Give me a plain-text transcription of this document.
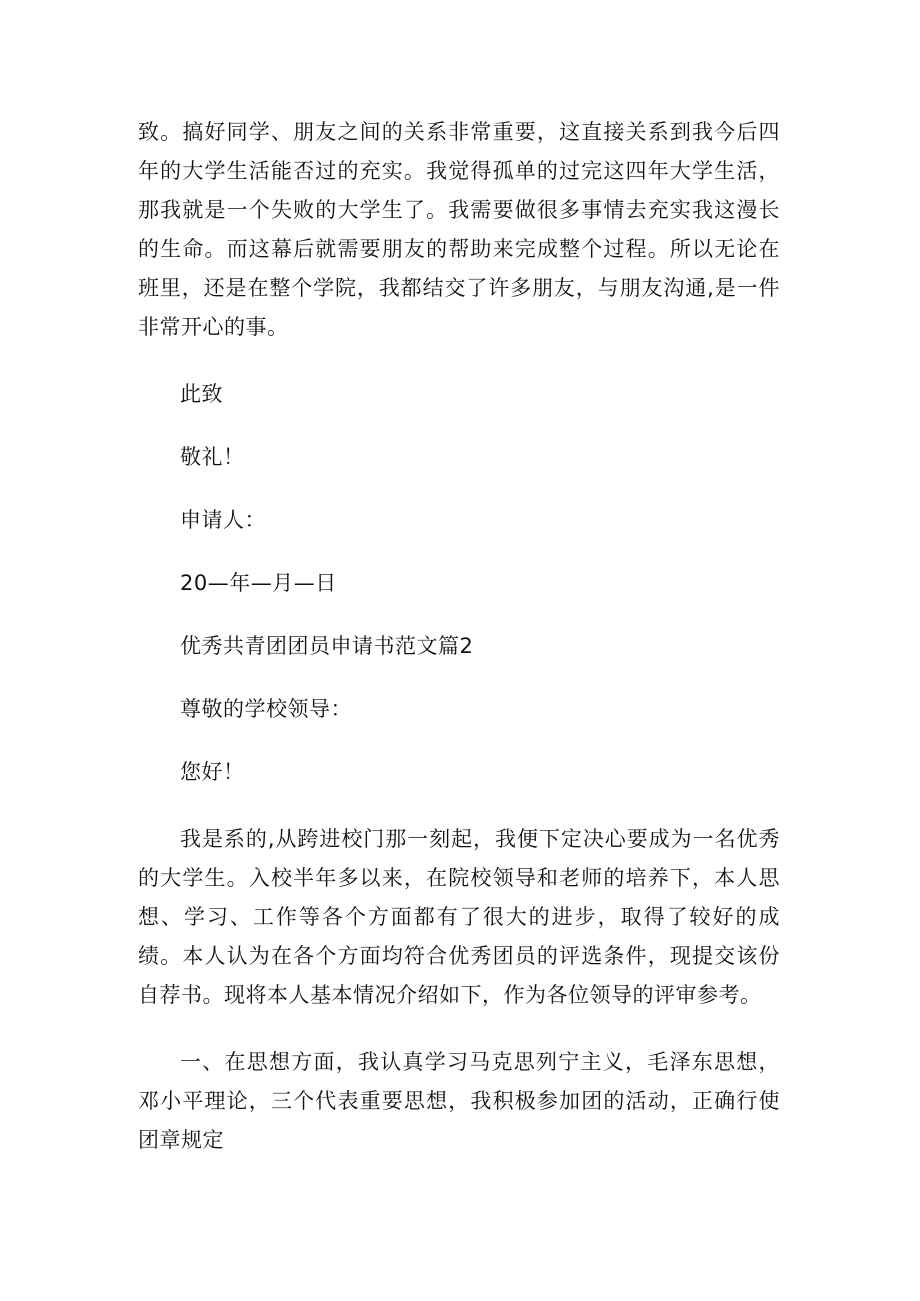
致。搞好同学、朋友之间的关系非常重要，这直接关系到我今后四年的大学生活能否过的充实。我觉得孤单的过完这四年大学生活，那我就是一个失败的大学生了。我需要做很多事情去充实我这漫长的生命。而这幕后就需要朋友的帮助来完成整个过程。所以无论在班里，还是在整个学院，我都结交了许多朋友，与朋友沟通,是一件非常开心的事。

此致

敬礼！

申请人：

20—年—月—日

优秀共青团团员申请书范文篇2

尊敬的学校领导：

您好！

我是系的,从跨进校门那一刻起，我便下定决心要成为一名优秀的大学生。入校半年多以来，在院校领导和老师的培养下，本人思想、学习、工作等各个方面都有了很大的进步，取得了较好的成绩。本人认为在各个方面均符合优秀团员的评选条件，现提交该份自荐书。现将本人基本情况介绍如下，作为各位领导的评审参考。

一、在思想方面，我认真学习马克思列宁主义，毛泽东思想，邓小平理论，三个代表重要思想，我积极参加团的活动，正确行使团章规定
